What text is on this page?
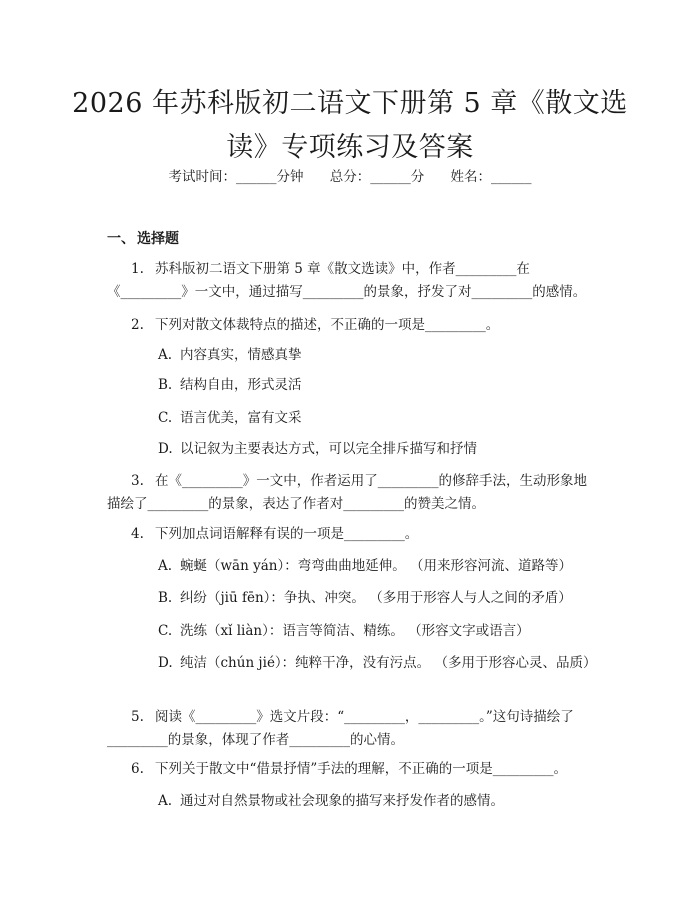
2026 年苏科版初二语文下册第 5 章《散文选
读》专项练习及答案
考试时间：______分钟 总分：______分 姓名：______
一、 选择题

1. 苏科版初二语文下册第 5 章《散文选读》中，作者_________在《_________》一文中，通过描写_________的景象，抒发了对_________的感情。

2. 下列对散文体裁特点的描述，不正确的一项是_________。

A. 内容真实，情感真挚

B. 结构自由，形式灵活

C. 语言优美，富有文采

D. 以记叙为主要表达方式，可以完全排斥描写和抒情

3. 在《_________》一文中，作者运用了_________的修辞手法，生动形象地描绘了_________的景象，表达了作者对_________的赞美之情。

4. 下列加点词语解释有误的一项是_________。

A. 蜿蜒（wān yán）：弯弯曲曲地延伸。 （用来形容河流、道路等）

B. 纠纷（jiū fēn）：争执、冲突。 （多用于形容人与人之间的矛盾）

C. 洗练（xǐ liàn）：语言等简洁、精练。 （形容文字或语言）

D. 纯洁（chún jié）：纯粹干净，没有污点。 （多用于形容心灵、品质）

5. 阅读《_________》选文片段：“_________，_________。”这句诗描绘了_________的景象，体现了作者_________的心情。

6. 下列关于散文中“借景抒情”手法的理解，不正确的一项是_________。

A. 通过对自然景物或社会现象的描写来抒发作者的感情。
